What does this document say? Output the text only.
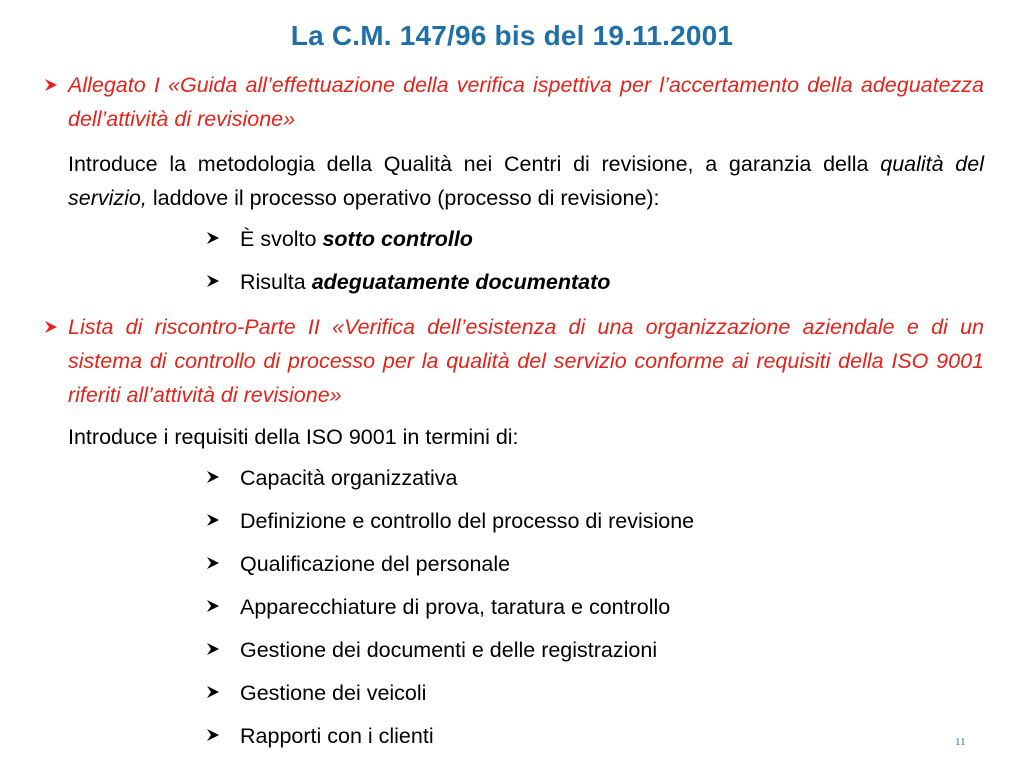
La C.M. 147/96 bis del 19.11.2001
Allegato I «Guida all’effettuazione della verifica ispettiva per l’accertamento della adeguatezza dell’attività di revisione»
Introduce la metodologia della Qualità nei Centri di revisione, a garanzia della qualità del servizio, laddove il processo operativo (processo di revisione):
È svolto sotto controllo
Risulta adeguatamente documentato
Lista di riscontro-Parte II «Verifica dell’esistenza di una organizzazione aziendale e di un sistema di controllo di processo per la qualità del servizio conforme ai requisiti della ISO 9001 riferiti all’attività di revisione»
Introduce i requisiti della ISO 9001 in termini di:
Capacità organizzativa
Definizione e controllo del processo di revisione
Qualificazione del personale
Apparecchiature di prova, taratura e controllo
Gestione dei documenti e delle registrazioni
Gestione dei veicoli
Rapporti con i clienti	11
